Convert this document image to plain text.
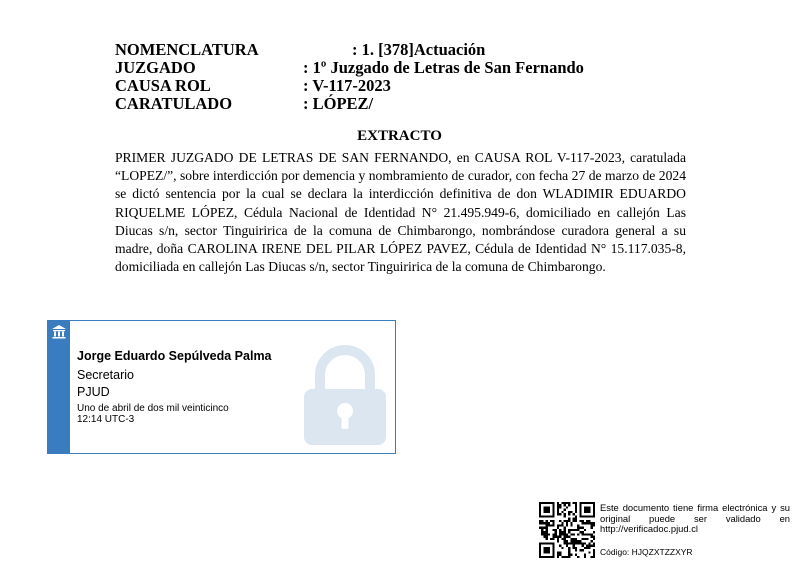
NOMENCLATURA	: 1. [378]Actuación
JUZGADO	: 1º Juzgado de Letras de San Fernando
CAUSA ROL	: V-117-2023
CARATULADO	: LÓPEZ/
EXTRACTO
PRIMER JUZGADO DE LETRAS DE SAN FERNANDO, en CAUSA ROL V-117-2023, caratulada “LOPEZ/”, sobre interdicción por demencia y nombramiento de curador, con fecha 27 de marzo de 2024 se dictó sentencia por la cual se declara la interdicción definitiva de don WLADIMIR EDUARDO RIQUELME LÓPEZ, Cédula Nacional de Identidad N° 21.495.949-6, domiciliado en callejón Las Diucas s/n, sector Tinguiririca de la comuna de Chimbarongo, nombrándose curadora general a su madre, doña CAROLINA IRENE DEL PILAR LÓPEZ PAVEZ, Cédula de Identidad N° 15.117.035-8, domiciliada en callejón Las Diucas s/n, sector Tinguiririca de la comuna de Chimbarongo.
Jorge Eduardo Sepúlveda Palma
Secretario
PJUD
Uno de abril de dos mil veinticinco
12:14 UTC-3
Este documento tiene firma electrónica y su original puede ser validado en http://verificadoc.pjud.cl
Código: HJQZXTZZXYR
